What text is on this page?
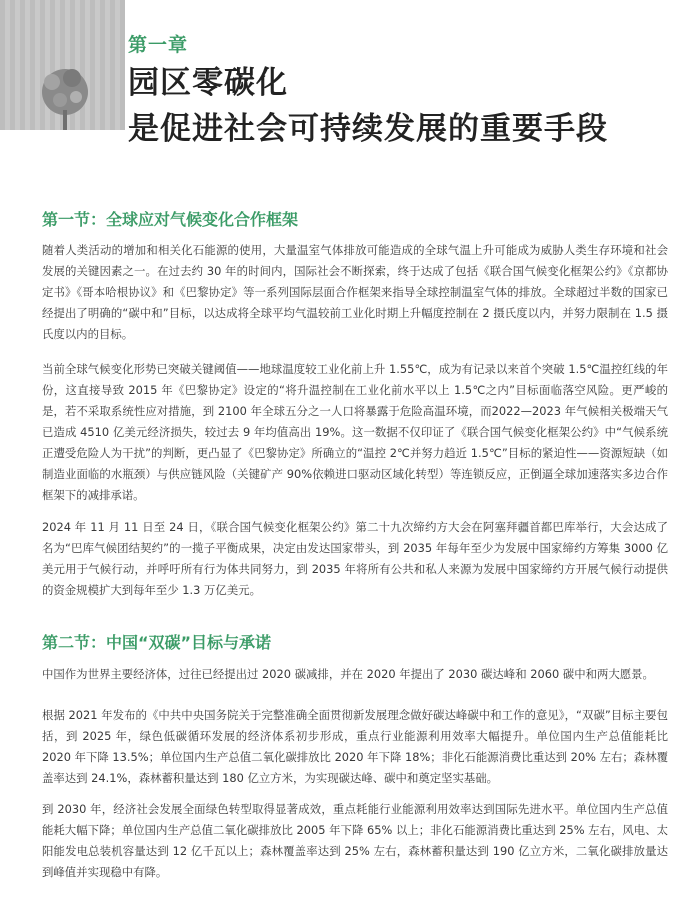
第一章
园区零碳化
是促进社会可持续发展的重要手段
第一节：全球应对气候变化合作框架

随着人类活动的增加和相关化石能源的使用，大量温室气体排放可能造成的全球气温上升可能成为威胁人类生存环境和社会发展的关键因素之一。在过去约 30 年的时间内，国际社会不断探索，终于达成了包括《联合国气候变化框架公约》《京都协定书》《哥本哈根协议》和《巴黎协定》等一系列国际层面合作框架来指导全球控制温室气体的排放。全球超过半数的国家已经提出了明确的“碳中和”目标，以达成将全球平均气温较前工业化时期上升幅度控制在 2 摄氏度以内，并努力限制在 1.5 摄氏度以内的目标。

当前全球气候变化形势已突破关键阈值——地球温度较工业化前上升 1.55℃，成为有记录以来首个突破 1.5℃温控红线的年份，这直接导致 2015 年《巴黎协定》设定的“将升温控制在工业化前水平以上 1.5℃之内”目标面临落空风险。更严峻的是，若不采取系统性应对措施，到 2100 年全球五分之一人口将暴露于危险高温环境，而2022—2023 年气候相关极端天气已造成 4510 亿美元经济损失，较过去 9 年均值高出 19%。这一数据不仅印证了《联合国气候变化框架公约》中“气候系统正遭受危险人为干扰”的判断，更凸显了《巴黎协定》所确立的“温控 2℃并努力趋近 1.5℃”目标的紧迫性——资源短缺（如制造业面临的水瓶颈）与供应链风险（关键矿产 90%依赖进口驱动区域化转型）等连锁反应，正倒逼全球加速落实多边合作框架下的减排承诺。

2024 年 11 月 11 日至 24 日，《联合国气候变化框架公约》第二十九次缔约方大会在阿塞拜疆首都巴库举行，大会达成了名为“巴库气候团结契约”的一揽子平衡成果，决定由发达国家带头，到 2035 年每年至少为发展中国家缔约方筹集 3000 亿美元用于气候行动，并呼吁所有行为体共同努力，到 2035 年将所有公共和私人来源为发展中国家缔约方开展气候行动提供的资金规模扩大到每年至少 1.3 万亿美元。

第二节：中国“双碳”目标与承诺

中国作为世界主要经济体，过往已经提出过 2020 碳减排，并在 2020 年提出了 2030 碳达峰和 2060 碳中和两大愿景。

根据 2021 年发布的《中共中央国务院关于完整准确全面贯彻新发展理念做好碳达峰碳中和工作的意见》，“双碳”目标主要包括，到 2025 年，绿色低碳循环发展的经济体系初步形成，重点行业能源利用效率大幅提升。单位国内生产总值能耗比 2020 年下降 13.5%；单位国内生产总值二氧化碳排放比 2020 年下降 18%；非化石能源消费比重达到 20% 左右；森林覆盖率达到 24.1%，森林蓄积量达到 180 亿立方米，为实现碳达峰、碳中和奠定坚实基础。

到 2030 年，经济社会发展全面绿色转型取得显著成效，重点耗能行业能源利用效率达到国际先进水平。单位国内生产总值能耗大幅下降；单位国内生产总值二氧化碳排放比 2005 年下降 65% 以上；非化石能源消费比重达到 25% 左右，风电、太阳能发电总装机容量达到 12 亿千瓦以上；森林覆盖率达到 25% 左右，森林蓄积量达到 190 亿立方米，二氧化碳排放量达到峰值并实现稳中有降。
